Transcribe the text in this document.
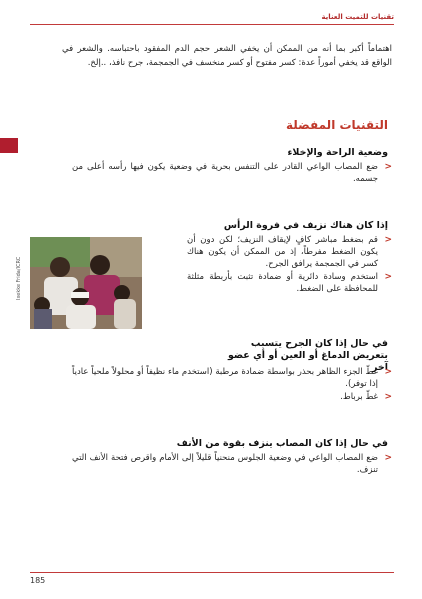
تقنيات للتميت العناية
اهتماماً أكبر بما أنه من الممكن أن يخفي الشعر حجم الدم المفقود باحتباسه. والشعر في الواقع قد يخفي أموراً عدة: كسر مفتوح أو كسر منخسف في الجمجمة، جرح نافذ، ..إلخ.
التقنيات المفضلة
وضعية الراحة والإخلاء
<
ضع المصاب الواعي القادر على التنفس بحرية في وضعية يكون فيها رأسه أعلى من جسمه.
Ixekke Frida/ICRC
إذا كان هناك نزيف في فروة الرأس
<
قم بضغط مباشر كافٍ لإيقاف النزيف؛ لكن دون أن يكون الضغط مفرطاً، إذ من الممكن أن يكون هناك كسر في الجمجمة يرافق الجرح.
<
استخدم وسادة دائرية أو ضمادة تثبت بأربطة مثلثة للمحافظة على الضغط.
في حال إذا كان الجرح يتسبب بتعريض الدماغ أو العين أو أي عضو آخر
<
غطّ الجزء الظاهر بحذر بواسطة ضمادة مرطبة (استخدم ماء نظيفاً أو محلولاً ملحياً عادياً إذا توفر).
<
غطّ برباط.
في حال إذا كان المصاب ينزف بقوة من الأنف
<
ضع المصاب الواعي في وضعية الجلوس منحنياً قليلاً إلى الأمام واقرص فتحة الأنف التي تنزف.
185
